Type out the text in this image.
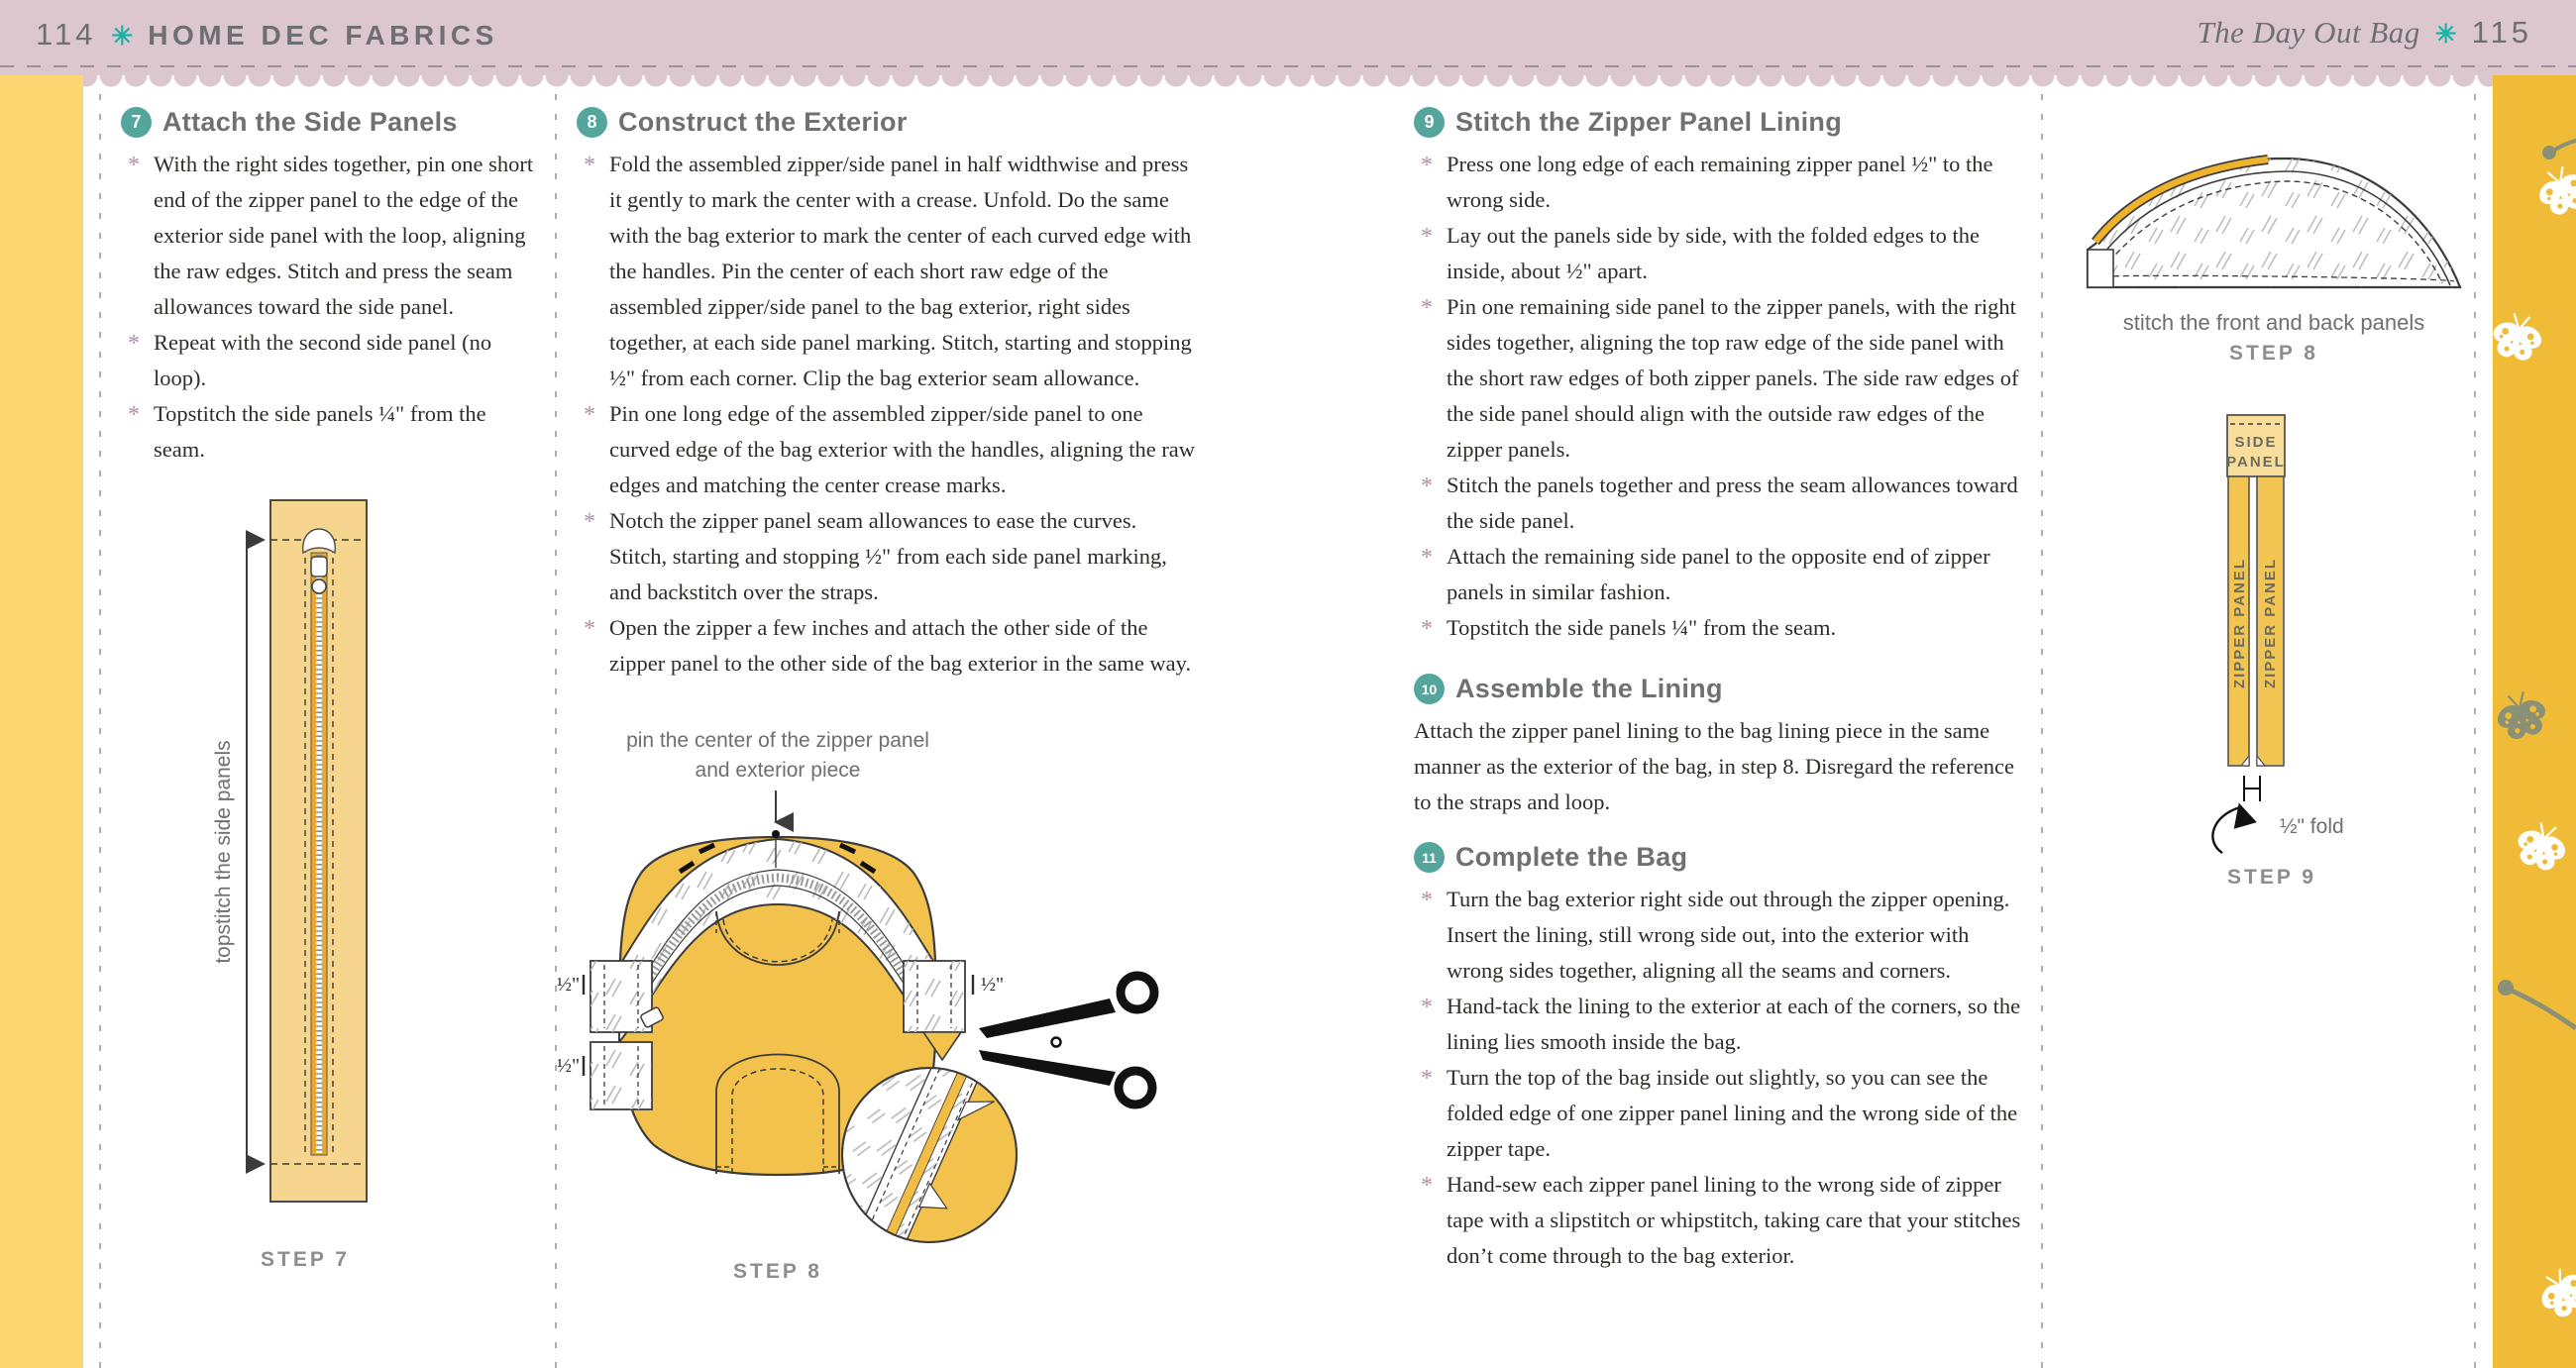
114 ✳ HOME DEC FABRICS	The Day Out Bag ✳ 115
7 Attach the Side Panels
* With the right sides together, pin one short end of the zipper panel to the edge of the exterior side panel with the loop, aligning the raw edges. Stitch and press the seam allowances toward the side panel.
* Repeat with the second side panel (no loop).
* Topstitch the side panels ¼" from the seam.
topstitch the side panels
STEP 7
8 Construct the Exterior
* Fold the assembled zipper/side panel in half widthwise and press it gently to mark the center with a crease. Unfold. Do the same with the bag exterior to mark the center of each curved edge with the handles. Pin the center of each short raw edge of the assembled zipper/side panel to the bag exterior, right sides together, at each side panel marking. Stitch, starting and stopping ½" from each corner. Clip the bag exterior seam allowance.
* Pin one long edge of the assembled zipper/side panel to one curved edge of the bag exterior with the handles, aligning the raw edges and matching the center crease marks.
* Notch the zipper panel seam allowances to ease the curves. Stitch, starting and stopping ½" from each side panel marking, and backstitch over the straps.
* Open the zipper a few inches and attach the other side of the zipper panel to the other side of the bag exterior in the same way.
pin the center of the zipper panel
and exterior piece
½"
½"
½"
STEP 8
9 Stitch the Zipper Panel Lining
* Press one long edge of each remaining zipper panel ½" to the wrong side.
* Lay out the panels side by side, with the folded edges to the inside, about ½" apart.
* Pin one remaining side panel to the zipper panels, with the right sides together, aligning the top raw edge of the side panel with the short raw edges of both zipper panels. The side raw edges of the side panel should align with the outside raw edges of the zipper panels.
* Stitch the panels together and press the seam allowances toward the side panel.
* Attach the remaining side panel to the opposite end of zipper panels in similar fashion.
* Topstitch the side panels ¼" from the seam.
10 Assemble the Lining

Attach the zipper panel lining to the bag lining piece in the same manner as the exterior of the bag, in step 8. Disregard the reference to the straps and loop.

11 Complete the Bag
* Turn the bag exterior right side out through the zipper opening. Insert the lining, still wrong side out, into the exterior with wrong sides together, aligning all the seams and corners.
* Hand-tack the lining to the exterior at each of the corners, so the lining lies smooth inside the bag.
* Turn the top of the bag inside out slightly, so you can see the folded edge of one zipper panel lining and the wrong side of the zipper tape.
* Hand-sew each zipper panel lining to the wrong side of zipper tape with a slipstitch or whipstitch, taking care that your stitches don’t come through to the bag exterior.
stitch the front and back panels
STEP 8
SIDE
PANEL
ZIPPER PANEL ZIPPER PANEL
½" fold
STEP 9
